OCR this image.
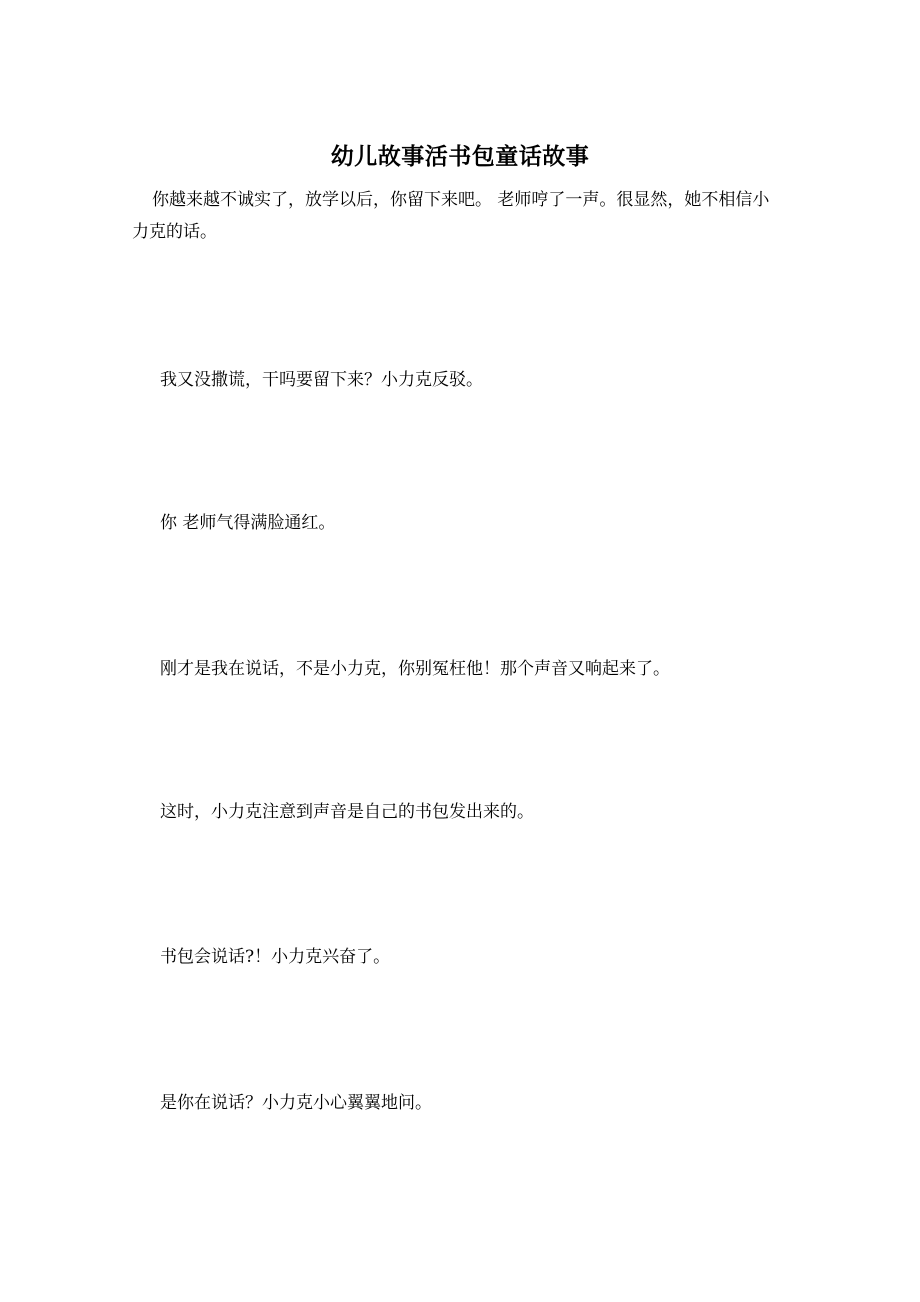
幼儿故事活书包童话故事
你越来越不诚实了，放学以后，你留下来吧。 老师哼了一声。很显然，她不相信小力克的话。
我又没撒谎，干吗要留下来？小力克反驳。
你 老师气得满脸通红。
刚才是我在说话，不是小力克，你别冤枉他！那个声音又响起来了。
这时，小力克注意到声音是自己的书包发出来的。
书包会说话?！小力克兴奋了。
是你在说话？小力克小心翼翼地问。
